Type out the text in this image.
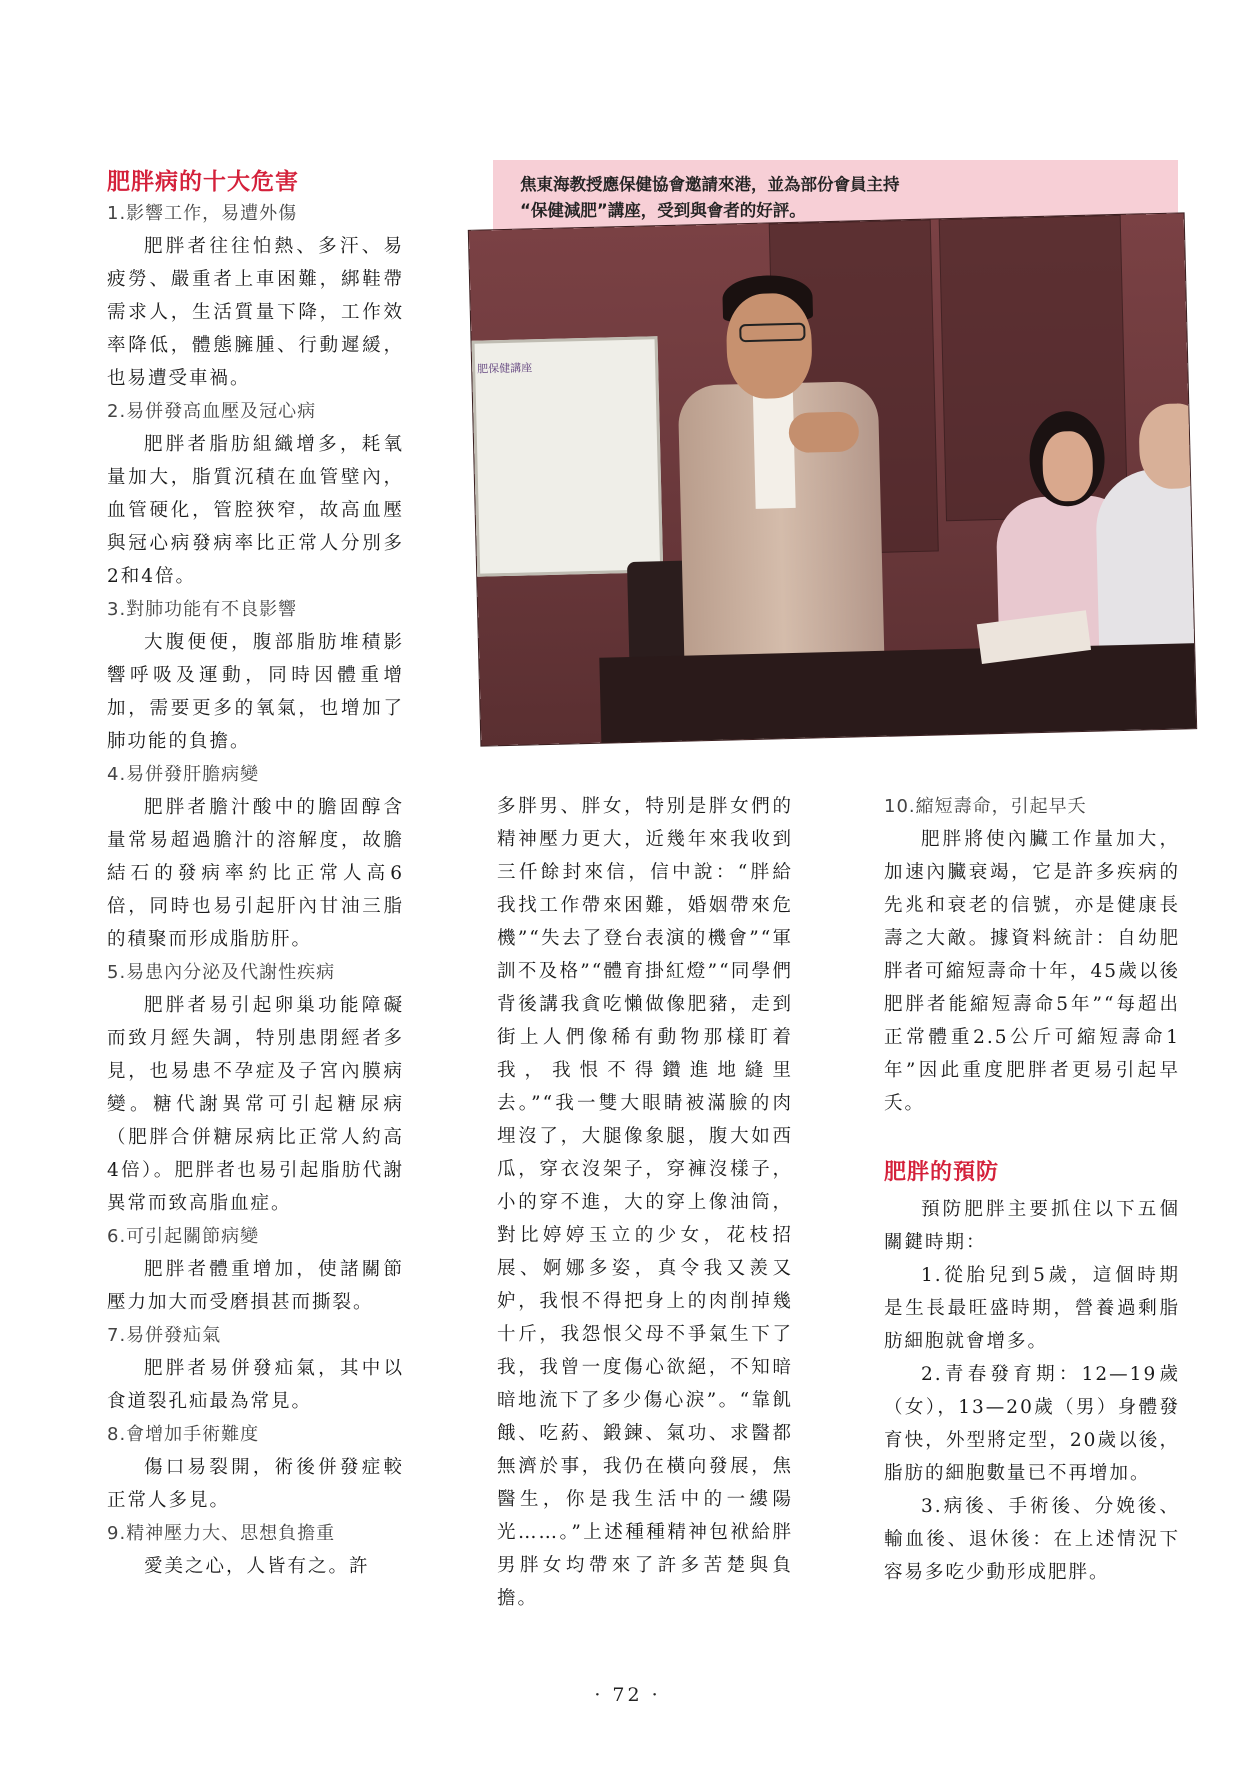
肥胖病的十大危害

1.影響工作，易遭外傷

肥胖者往往怕熱、多汗、易疲勞、嚴重者上車困難，綁鞋帶需求人，生活質量下降，工作效率降低，體態臃腫、行動遲緩，也易遭受車禍。

2.易併發高血壓及冠心病

肥胖者脂肪組織增多，耗氧量加大，脂質沉積在血管壁內，血管硬化，管腔狹窄，故高血壓與冠心病發病率比正常人分別多2和4倍。

3.對肺功能有不良影響

大腹便便，腹部脂肪堆積影響呼吸及運動，同時因體重增加，需要更多的氧氣，也增加了肺功能的負擔。

4.易併發肝膽病變

肥胖者膽汁酸中的膽固醇含量常易超過膽汁的溶解度，故膽結石的發病率約比正常人高6倍，同時也易引起肝內甘油三脂的積聚而形成脂肪肝。

5.易患內分泌及代謝性疾病

肥胖者易引起卵巢功能障礙而致月經失調，特別患閉經者多見，也易患不孕症及子宮內膜病變。糖代謝異常可引起糖尿病（肥胖合併糖尿病比正常人約高4倍）。肥胖者也易引起脂肪代謝異常而致高脂血症。

6.可引起關節病變

肥胖者體重增加，使諸關節壓力加大而受磨損甚而撕裂。

7.易併發疝氣

肥胖者易併發疝氣，其中以食道裂孔疝最為常見。

8.會增加手術難度

傷口易裂開，術後併發症較正常人多見。

9.精神壓力大、思想負擔重

愛美之心，人皆有之。許

焦東海教授應保健協會邀請來港，並為部份會員主持
“保健減肥”講座，受到與會者的好評。
肥保健講座

多胖男、胖女，特別是胖女們的精神壓力更大，近幾年來我收到三仟餘封來信，信中說：“胖給我找工作帶來困難，婚姻帶來危機”“失去了登台表演的機會”“軍訓不及格”“體育掛紅燈”“同學們背後講我貪吃懶做像肥豬，走到街上人們像稀有動物那樣盯着我，我恨不得鑽進地縫里去。”“我一雙大眼睛被滿臉的肉埋沒了，大腿像象腿，腹大如西瓜，穿衣沒架子，穿褲沒樣子，小的穿不進，大的穿上像油筒，對比婷婷玉立的少女，花枝招展、婀娜多姿，真令我又羨又妒，我恨不得把身上的肉削掉幾十斤，我怨恨父母不爭氣生下了我，我曾一度傷心欲絕，不知暗暗地流下了多少傷心淚”。“靠飢餓、吃葯、鍛鍊、氣功、求醫都無濟於事，我仍在橫向發展，焦醫生，你是我生活中的一縷陽光……。”上述種種精神包袱給胖男胖女均帶來了許多苦楚與負擔。

10.縮短壽命，引起早夭

肥胖將使內臟工作量加大，加速內臟衰竭，它是許多疾病的先兆和衰老的信號，亦是健康長壽之大敵。據資料統計：自幼肥胖者可縮短壽命十年，45歲以後肥胖者能縮短壽命5年”“每超出正常體重2.5公斤可縮短壽命1年”因此重度肥胖者更易引起早夭。

肥胖的預防

預防肥胖主要抓住以下五個關鍵時期：

1.從胎兒到5歲，這個時期是生長最旺盛時期，營養過剩脂肪細胞就會增多。

2.青春發育期：12—19歲（女），13—20歲（男）身體發育快，外型將定型，20歲以後，脂肪的細胞數量已不再增加。

3.病後、手術後、分娩後、輸血後、退休後：在上述情況下容易多吃少動形成肥胖。

· 72 ·
